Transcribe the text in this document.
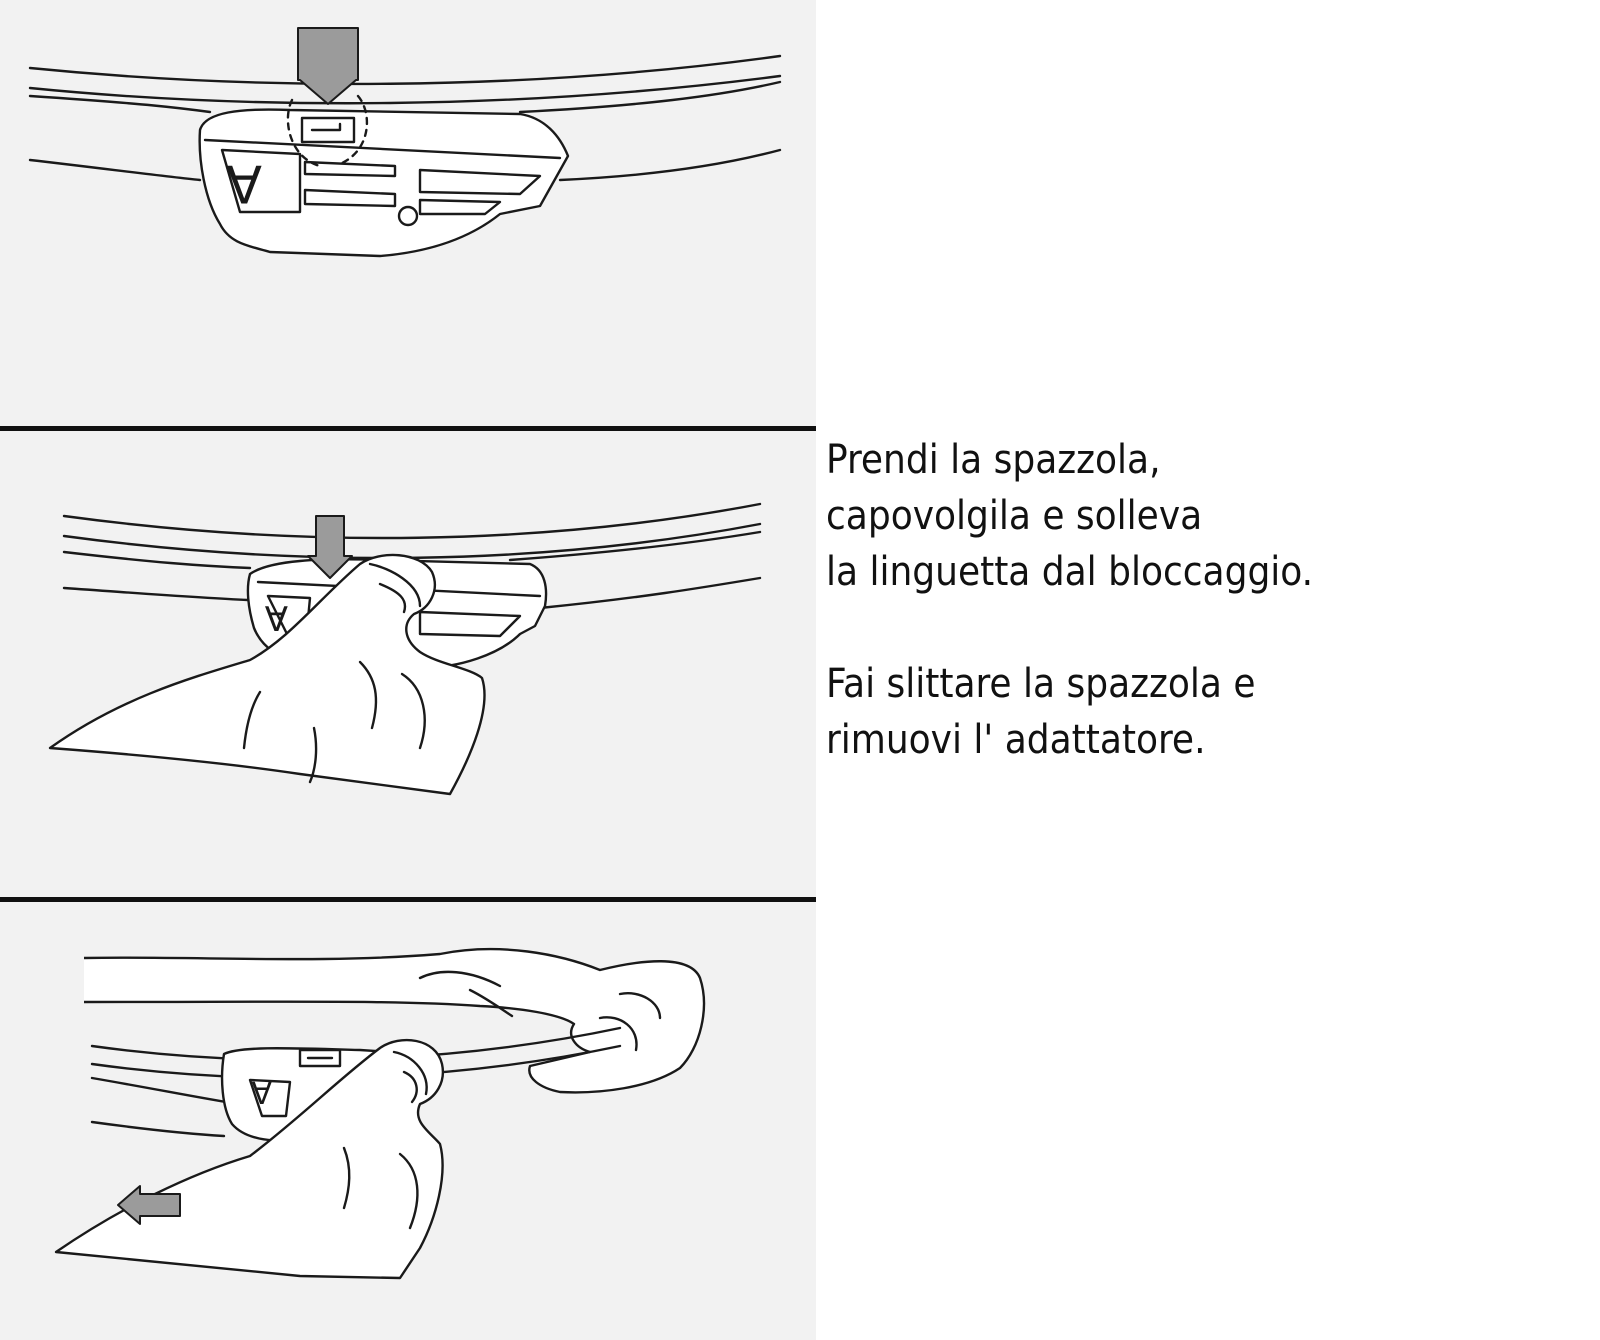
A
A
A

Prendi la spazzola,
capovolgila e solleva
la linguetta dal bloccaggio.

Fai slittare la spazzola e
rimuovi l' adattatore.
